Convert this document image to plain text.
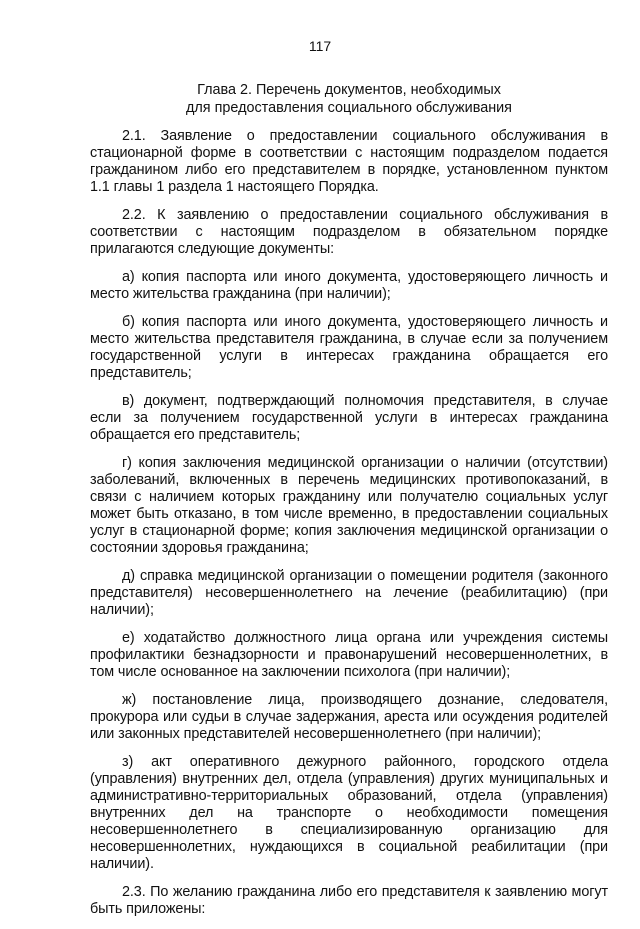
117
Глава 2. Перечень документов, необходимых
для предоставления социального обслуживания

2.1. Заявление о предоставлении социального обслуживания в стационарной форме в соответствии с настоящим подразделом подается гражданином либо его представителем в порядке, установленном пунктом 1.1 главы 1 раздела 1 настоящего Порядка.

2.2. К заявлению о предоставлении социального обслуживания в соответствии с настоящим подразделом в обязательном порядке прилагаются следующие документы:

а) копия паспорта или иного документа, удостоверяющего личность и место жительства гражданина (при наличии);

б) копия паспорта или иного документа, удостоверяющего личность и место жительства представителя гражданина, в случае если за получением государственной услуги в интересах гражданина обращается его представитель;

в) документ, подтверждающий полномочия представителя, в случае если за получением государственной услуги в интересах гражданина обращается его представитель;

г) копия заключения медицинской организации о наличии (отсутствии) заболеваний, включенных в перечень медицинских противопоказаний, в связи с наличием которых гражданину или получателю социальных услуг может быть отказано, в том числе временно, в предоставлении социальных услуг в стационарной форме; копия заключения медицинской организации о состоянии здоровья гражданина;

д) справка медицинской организации о помещении родителя (законного представителя) несовершеннолетнего на лечение (реабилитацию) (при наличии);

е) ходатайство должностного лица органа или учреждения системы профилактики безнадзорности и правонарушений несовершеннолетних, в том числе основанное на заключении психолога (при наличии);

ж) постановление лица, производящего дознание, следователя, прокурора или судьи в случае задержания, ареста или осуждения родителей или законных представителей несовершеннолетнего (при наличии);

з) акт оперативного дежурного районного, городского отдела (управления) внутренних дел, отдела (управления) других муниципальных и административно-территориальных образований, отдела (управления) внутренних дел на транспорте о необходимости помещения несовершеннолетнего в специализированную организацию для несовершеннолетних, нуждающихся в социальной реабилитации (при наличии).

2.3. По желанию гражданина либо его представителя к заявлению могут быть приложены:
